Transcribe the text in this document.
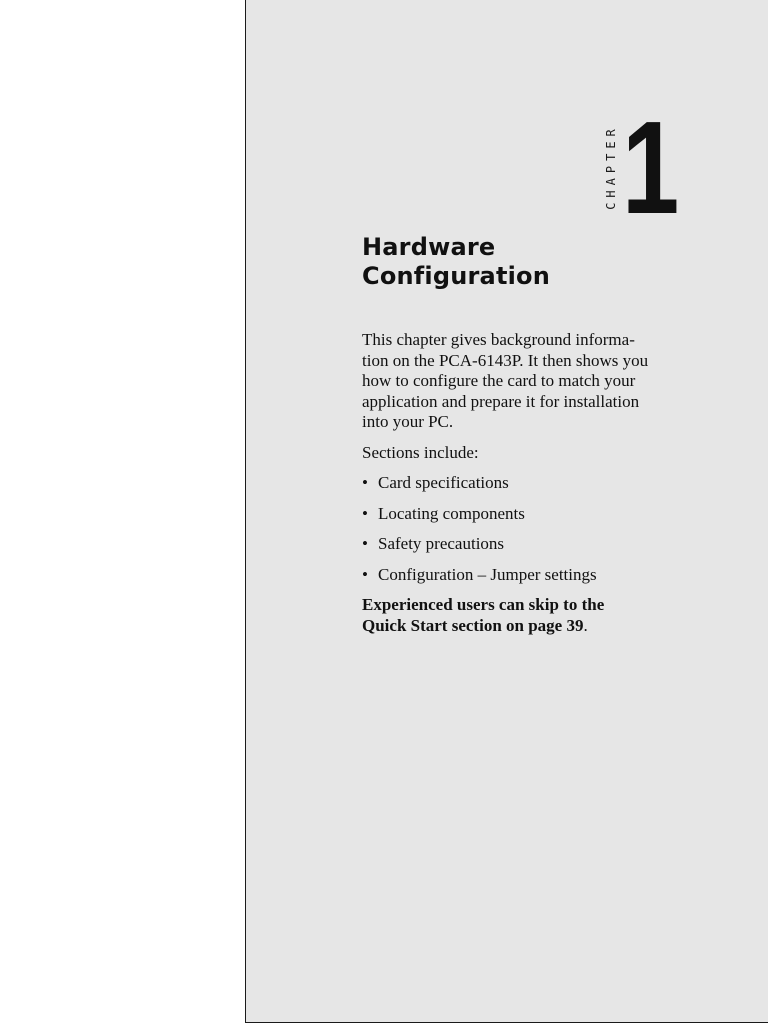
CHAPTER 1
Hardware
Configuration

This chapter gives background informa-
tion on the PCA-6143P. It then shows you
how to configure the card to match your
application and prepare it for installation
into your PC.

Sections include:

• Card specifications
• Locating components
• Safety precautions
• Configuration – Jumper settings

Experienced users can skip to the
Quick Start section on page 39.
